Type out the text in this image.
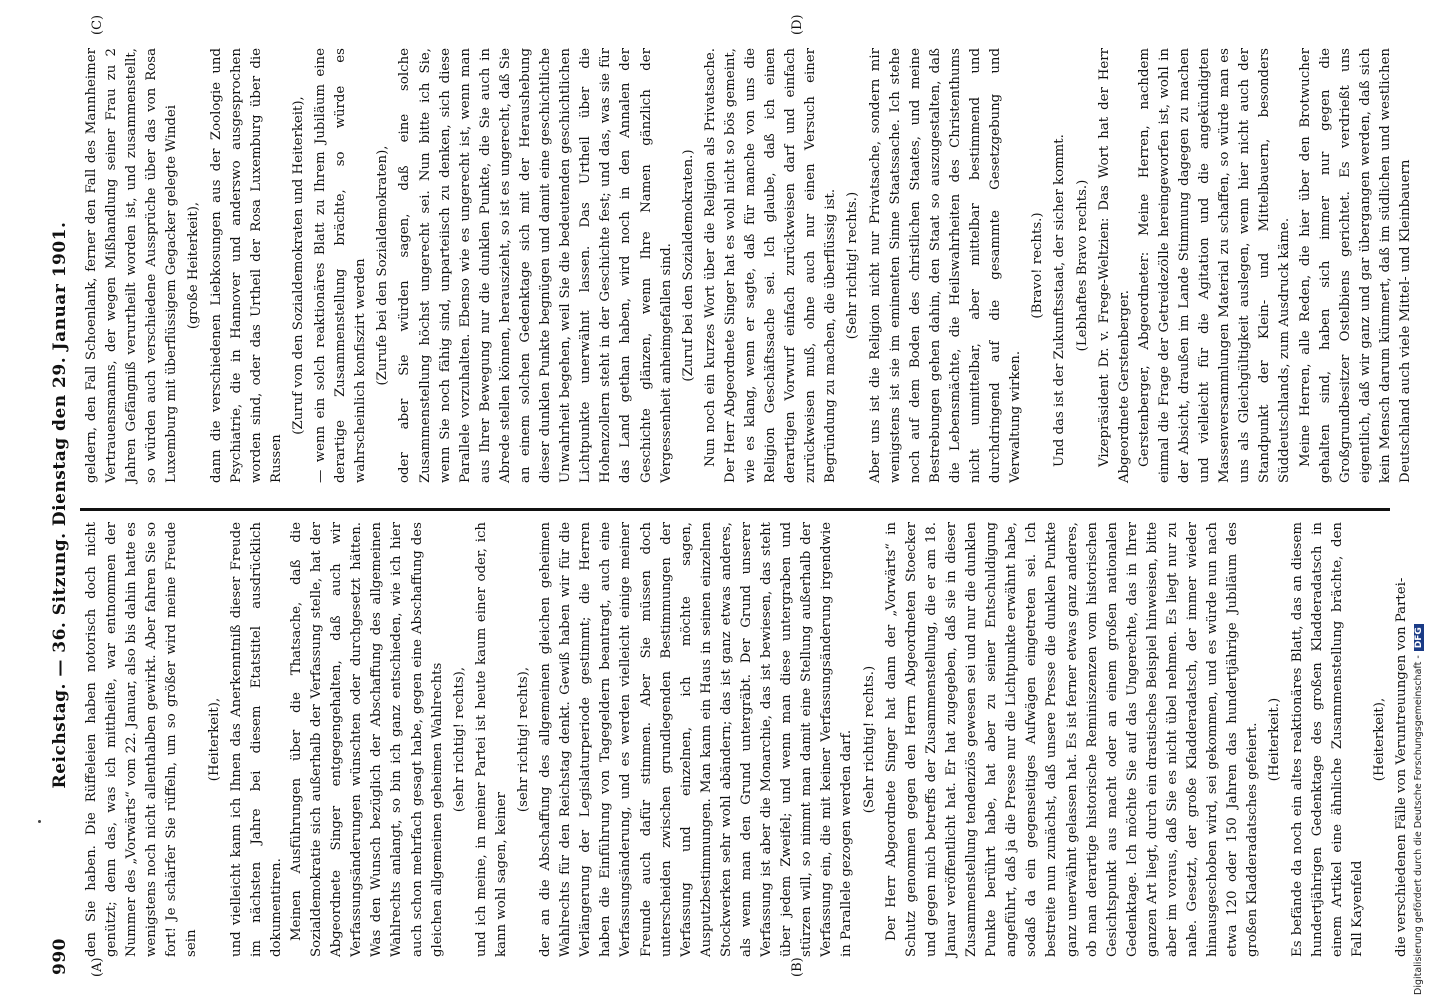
990
Reichstag. — 36. Sitzung. Dienstag den 29. Januar 1901. den Sie haben. Die Rüffeleien haben notorisch doch nicht genützt; denn das, was ich mittheilte, war entnommen der Nummer des „Vorwärts“ vom 22. Januar, also bis dahin hatte es wenigstens noch nicht allenthalben gewirkt. Aber fahren Sie so fort! Je schärfer Sie rüffeln, um so größer wird meine Freude sein

(Heiterkeit), und vielleicht kann ich Ihnen das Anerkenntniß dieser Freude im nächsten Jahre bei diesem Etatstitel ausdrücklich dokumentiren. Meinen Ausführungen über die Thatsache, daß die Sozialdemokratie sich außerhalb der Verfassung stelle, hat der Abgeordnete Singer entgegengehalten, daß auch wir Verfassungsänderungen wünschten oder durchgesetzt hätten. Was den Wunsch bezüglich der Abschaffung des allgemeinen Wahlrechts anlangt, so bin ich ganz entschieden, wie ich hier auch schon mehrfach gesagt habe, gegen eine Abschaffung des gleichen allgemeinen geheimen Wahlrechts (sehr richtig! rechts), und ich meine, in meiner Partei ist heute kaum einer oder, ich kann wohl sagen, keiner

(sehr richtig! rechts), der an die Abschaffung des allgemeinen gleichen geheimen Wahlrechts für den Reichstag denkt. Gewiß haben wir für die Verlängerung der Legislaturperiode gestimmt; die Herren haben die Einführung von Tagegeldern beantragt, auch eine Verfassungsänderung, und es werden vielleicht einige meiner Freunde auch dafür stimmen. Aber Sie müssen doch unterscheiden zwischen grundlegenden Bestimmungen der Verfassung und einzelnen, ich möchte sagen, Ausputzbestimmungen. Man kann ein Haus in seinen einzelnen Stockwerken sehr wohl abändern; das ist ganz etwas anderes, als wenn man den Grund untergräbt. Der Grund unserer Verfassung ist aber die Monarchie, das ist bewiesen, das steht über jedem Zweifel; und wenn man diese untergraben und stürzen will, so nimmt man damit eine Stellung außerhalb der Verfassung ein, die mit keiner Verfassungsänderung irgendwie in Parallele gezogen werden darf. (Sehr richtig! rechts.) Der Herr Abgeordnete Singer hat dann der „Vorwärts“ in Schutz genommen gegen den Herrn Abgeordneten Stoecker und gegen mich betreffs der Zusammenstellung, die er am 18. Januar veröffentlicht hat. Er hat zugegeben, daß sie in dieser Zusammenstellung tendenziös gewesen sei und nur die dunklen Punkte berührt habe, hat aber zu seiner Entschuldigung angeführt, daß ja die Presse nur die Lichtpunkte erwähnt habe, sodaß da ein gegenseitiges Aufwägen eingetreten sei. Ich bestreite nun zunächst, daß unsere Presse die dunklen Punkte ganz unerwähnt gelassen hat. Es ist ferner etwas ganz anderes, ob man derartige historische Reminiszenzen vom historischen Gesichtspunkt aus macht oder an einem großen nationalen Gedenktage. Ich möchte Sie auf das Ungerechte, das in Ihrer ganzen Art liegt, durch ein drastisches Beispiel hinweisen, bitte aber im voraus, daß Sie es nicht übel nehmen. Es liegt nur zu nahe. Gesetzt, der große Kladderadatsch, der immer wieder hinausgeschoben wird, sei gekommen, und es würde nun nach etwa 120 oder 150 Jahren das hundertjährige Jubiläum des großen Kladderadatsches gefeiert. (Heiterkeit.) Es befände da noch ein altes reaktionäres Blatt, das an diesem hundertjährigen Gedenktage des großen Kladderadatsch in einem Artikel eine ähnliche Zusammenstellung brächte, den Fall Kayenfeld

(Heiterkeit), die verschiedenen Fälle von Veruntreuungen von Partei-

geldern, den Fall Schoenlank, ferner den Fall des Mannheimer Vertrauensmanns, der wegen Mißhandlung seiner Frau zu 2 Jahren Gefängniß verurtheilt worden ist, und zusammenstellt, so würden auch verschiedene Aussprüche über das von Rosa Luxemburg mit überflüssigem Gegacker gelegte Windei (große Heiterkeit), dann die verschiedenen Liebkosungen aus der Zoologie und Psychiatrie, die in Hannover und anderswo ausgesprochen worden sind, oder das Urtheil der Rosa Luxemburg über die Russen

(Zuruf von den Sozialdemokraten und Heiterkeit), — wenn ein solch reaktionäres Blatt zu Ihrem Jubiläum eine derartige Zusammenstellung brächte, so würde es wahrscheinlich konfiszirt werden (Zurufe bei den Sozialdemokraten), oder aber Sie würden sagen, daß eine solche Zusammenstellung höchst ungerecht sei. Nun bitte ich Sie, wenn Sie noch fähig sind, unparteiisch zu denken, sich diese Parallele vorzuhalten. Ebenso wie es ungerecht ist, wenn man aus Ihrer Bewegung nur die dunklen Punkte, die Sie auch in Abrede stellen können, herauszieht, so ist es ungerecht, daß Sie an einem solchen Gedenktage sich mit der Heraushebung dieser dunklen Punkte begnügen und damit eine geschichtliche Unwahrheit begehen, weil Sie die bedeutenden geschichtlichen Lichtpunkte unerwähnt lassen. Das Urtheil über die Hohenzollern steht in der Geschichte fest; und das, was sie für das Land gethan haben, wird noch in den Annalen der Geschichte glänzen, wenn Ihre Namen gänzlich der Vergessenheit anheimgefallen sind. (Zuruf bei den Sozialdemokraten.) Nun noch ein kurzes Wort über die Religion als Privatsache. Der Herr Abgeordnete Singer hat es wohl nicht so bös gemeint, wie es klang, wenn er sagte, daß für manche von uns die Religion Geschäftssache sei. Ich glaube, daß ich einen derartigen Vorwurf einfach zurückweisen darf und einfach zurückweisen muß, ohne auch nur einen Versuch einer Begründung zu machen, die überflüssig ist. (Sehr richtig! rechts.) Aber uns ist die Religion nicht nur Privatsache, sondern mir wenigstens ist sie im eminenten Sinne Staatssache. Ich stehe noch auf dem Boden des christlichen Staates, und meine Bestrebungen gehen dahin, den Staat so auszugestalten, daß die Lebensmächte, die Heilswahrheiten des Christenthums nicht unmittelbar, aber mittelbar bestimmend und durchdringend auf die gesammte Gesetzgebung und Verwaltung wirken.

(Bravo! rechts.) Und das ist der Zukunftsstaat, der sicher kommt. (Lebhaftes Bravo rechts.) Vizepräsident Dr. v. Frege-Weltzien: Das Wort hat der Herr Abgeordnete Gerstenberger. Gerstenberger, Abgeordneter: Meine Herren, nachdem einmal die Frage der Getreidezölle hereingeworfen ist, wohl in der Absicht, draußen im Lande Stimmung dagegen zu machen und vielleicht für die Agitation und die angekündigten Massenversammlungen Material zu schaffen, so würde man es uns als Gleichgültigkeit auslegen, wenn hier nicht auch der Standpunkt der Klein- und Mittelbauern, besonders Süddeutschlands, zum Ausdruck käme. Meine Herren, alle Reden, die hier über den Brotwucher gehalten sind, haben sich immer nur gegen die Großgrundbesitzer Ostelbiens gerichtet. Es verdrießt uns eigentlich, daß wir ganz und gar übergangen werden, daß sich kein Mensch darum kümmert, daß im südlichen und westlichen Deutschland auch viele Mittel- und Kleinbauern

(A)	(B)
(C)	(D)
Digitalisierung gefördert durch die Deutsche Forschungsgemeinschaft -DFG
